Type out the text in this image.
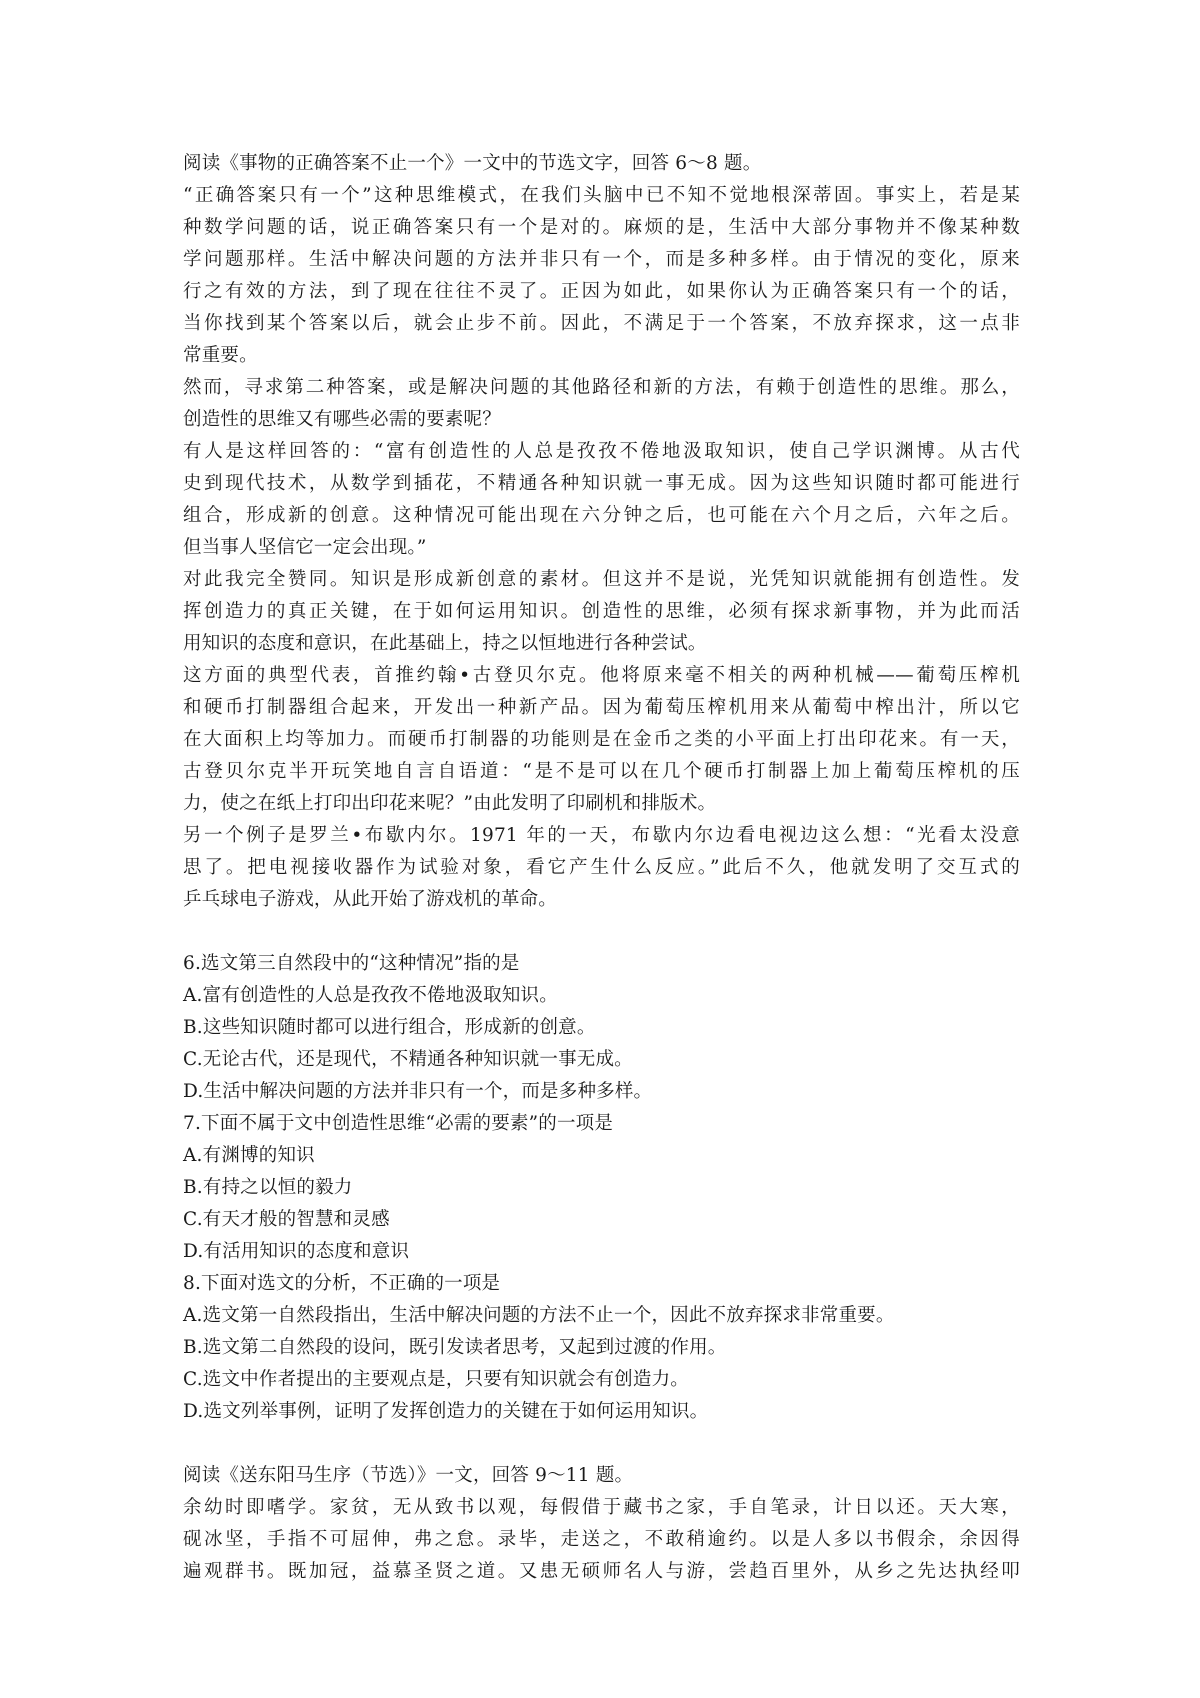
阅读《事物的正确答案不止一个》一文中的节选文字，回答 6～8 题。
“正确答案只有一个”这种思维模式，在我们头脑中已不知不觉地根深蒂固。事实上，若是某
种数学问题的话，说正确答案只有一个是对的。麻烦的是，生活中大部分事物并不像某种数
学问题那样。生活中解决问题的方法并非只有一个，而是多种多样。由于情况的变化，原来
行之有效的方法，到了现在往往不灵了。正因为如此，如果你认为正确答案只有一个的话，
当你找到某个答案以后，就会止步不前。因此，不满足于一个答案，不放弃探求，这一点非
常重要。
然而，寻求第二种答案，或是解决问题的其他路径和新的方法，有赖于创造性的思维。那么，
创造性的思维又有哪些必需的要素呢？
有人是这样回答的：“富有创造性的人总是孜孜不倦地汲取知识，使自己学识渊博。从古代
史到现代技术，从数学到插花，不精通各种知识就一事无成。因为这些知识随时都可能进行
组合，形成新的创意。这种情况可能出现在六分钟之后，也可能在六个月之后，六年之后。
但当事人坚信它一定会出现。”
对此我完全赞同。知识是形成新创意的素材。但这并不是说，光凭知识就能拥有创造性。发
挥创造力的真正关键，在于如何运用知识。创造性的思维，必须有探求新事物，并为此而活
用知识的态度和意识，在此基础上，持之以恒地进行各种尝试。
这方面的典型代表，首推约翰•古登贝尔克。他将原来毫不相关的两种机械——葡萄压榨机
和硬币打制器组合起来，开发出一种新产品。因为葡萄压榨机用来从葡萄中榨出汁，所以它
在大面积上均等加力。而硬币打制器的功能则是在金币之类的小平面上打出印花来。有一天，
古登贝尔克半开玩笑地自言自语道：“是不是可以在几个硬币打制器上加上葡萄压榨机的压
力，使之在纸上打印出印花来呢？”由此发明了印刷机和排版术。
另一个例子是罗兰•布歇内尔。1971 年的一天，布歇内尔边看电视边这么想：“光看太没意
思了。把电视接收器作为试验对象，看它产生什么反应。”此后不久，他就发明了交互式的
乒乓球电子游戏，从此开始了游戏机的革命。
6.选文第三自然段中的“这种情况”指的是
A.富有创造性的人总是孜孜不倦地汲取知识。
B.这些知识随时都可以进行组合，形成新的创意。
C.无论古代，还是现代，不精通各种知识就一事无成。
D.生活中解决问题的方法并非只有一个，而是多种多样。
7.下面不属于文中创造性思维“必需的要素”的一项是
A.有渊博的知识
B.有持之以恒的毅力
C.有天才般的智慧和灵感
D.有活用知识的态度和意识
8.下面对选文的分析，不正确的一项是
A.选文第一自然段指出，生活中解决问题的方法不止一个，因此不放弃探求非常重要。
B.选文第二自然段的设问，既引发读者思考，又起到过渡的作用。
C.选文中作者提出的主要观点是，只要有知识就会有创造力。
D.选文列举事例，证明了发挥创造力的关键在于如何运用知识。
阅读《送东阳马生序（节选）》一文，回答 9～11 题。
余幼时即嗜学。家贫，无从致书以观，每假借于藏书之家，手自笔录，计日以还。天大寒，
砚冰坚，手指不可屈伸，弗之怠。录毕，走送之，不敢稍逾约。以是人多以书假余，余因得
遍观群书。既加冠，益慕圣贤之道。又患无硕师名人与游，尝趋百里外，从乡之先达执经叩
